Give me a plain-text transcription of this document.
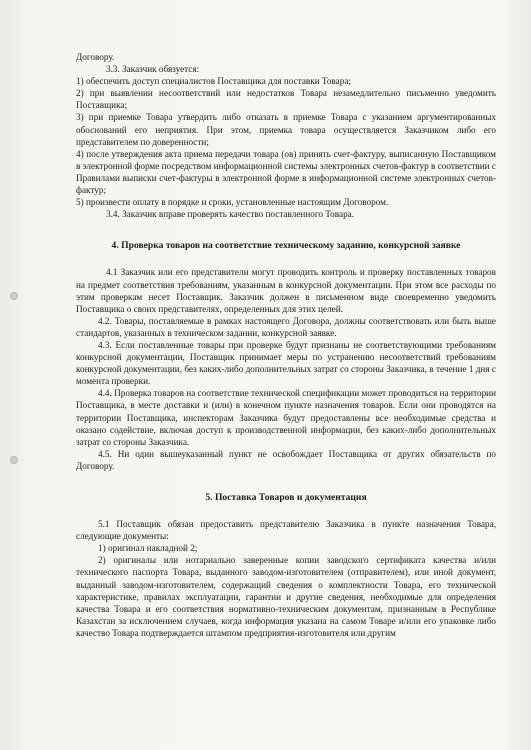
Договору.

3.3. Заказчик обязуется:

1) обеспечить доступ специалистов Поставщика для поставки Товара;

2) при выявлении несоответствий или недостатков Товара незамедлительно письменно уведомить Поставщика;

3) при приемке Товара утвердить либо отказать в приемке Товара с указанием аргументированных обоснований его неприятия. При этом, приемка товара осуществляется Заказчиком либо его представителем по доверенности;

4) после утверждения акта приема передачи товара (ов) принять счет-фактуру, выписанную Поставщиком в электронной форме посредством информационной системы электронных счетов-фактур в соответствии с Правилами выписки счет-фактуры в электронной форме в информационной системе электронных счетов-фактур;

5) произвести оплату в порядке и сроки, установленные настоящим Договором.

3.4. Заказчик вправе проверять качество поставленного Товара.

4. Проверка товаров на соответствие техническому заданию, конкурсной заявке

4.1 Заказчик или его представители могут проводить контроль и проверку поставленных товаров на предмет соответствия требованиям, указанным в конкурсной документации. При этом все расходы по этим проверкам несет Поставщик. Заказчик должен в письменном виде своевременно уведомить Поставщика о своих представителях, определенных для этих целей.

4.2. Товары, поставляемые в рамках настоящего Договора, должны соответствовать или быть выше стандартов, указанных в техническом задании, конкурсной заявке.

4.3. Если поставленные товары при проверке будут признаны не соответствующими требованиям конкурсной документации, Поставщик принимает меры по устранению несоответствий требованиям конкурсной документации, без каких-либо дополнительных затрат со стороны Заказчика, в течение 1 дня с момента проверки.

4.4. Проверка товаров на соответствие технической спецификации может проводиться на территории Поставщика, в месте доставки и (или) в конечном пункте назначения товаров. Если они проводятся на территории Поставщика, инспекторам Заказчика будут предоставлены все необходимые средства и оказано содействие, включая доступ к производственной информации, без каких-либо дополнительных затрат со стороны Заказчика.

4.5. Ни один вышеуказанный пункт не освобождает Поставщика от других обязательств по Договору.

5. Поставка Товаров и документация

5.1 Поставщик обязан предоставить представителю Заказчика в пункте назначения Товара, следующие документы:

1) оригинал накладной 2;

2) оригиналы или нотариально заверенные копии заводского сертификата качества и/или технического паспорта Товара, выданного заводом-изготовителем (отправителем), или иной документ, выданный заводом-изготовителем, содержащий сведения о комплектности Товара, его технической характеристике, правилах эксплуатации, гарантии и другие сведения, необходимые для определения качества Товара и его соответствия нормативно-техническим документам, признанным в Республике Казахстан за исключением случаев, когда информация указана на самом Товаре и/или его упаковке либо качество Товара подтверждается штампом предприятия-изготовителя или другим
